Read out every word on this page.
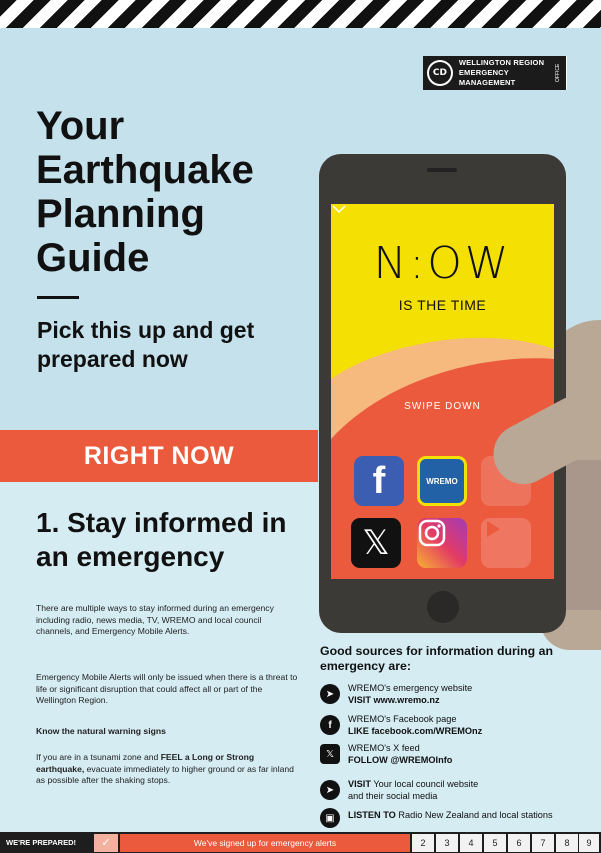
CD
WELLINGTON REGION
EMERGENCY MANAGEMENT
OFFICE
Your Earthquake Planning Guide
Pick this up and get prepared now
RIGHT NOW
1. Stay informed in an emergency

There are multiple ways to stay informed during an emergency including radio, news media, TV, WREMO and local council channels, and Emergency Mobile Alerts.

Emergency Mobile Alerts will only be issued when there is a threat to life or significant disruption that could affect all or part of the Wellington Region.

Know the natural warning signs

If you are in a tsunami zone and FEEL a Long or Strong earthquake, evacuate immediately to higher ground or as far inland as possible after the shaking stops.

N:OW
IS THE TIME
SWIPE DOWN
f	WREMO
𝕏
Good sources for information during an emergency are:
➤
WREMO's emergency website
VISIT www.wremo.nz
f
WREMO's Facebook page
LIKE facebook.com/WREMOnz
𝕏
WREMO's X feed
FOLLOW @WREMOInfo
➤
VISIT Your local council website
and their social media
▣	LISTEN TO Radio New Zealand and local stations
WE'RE PREPARED!	✓	We've signed up for emergency alerts	2	3	4	5	6	7	8	9
